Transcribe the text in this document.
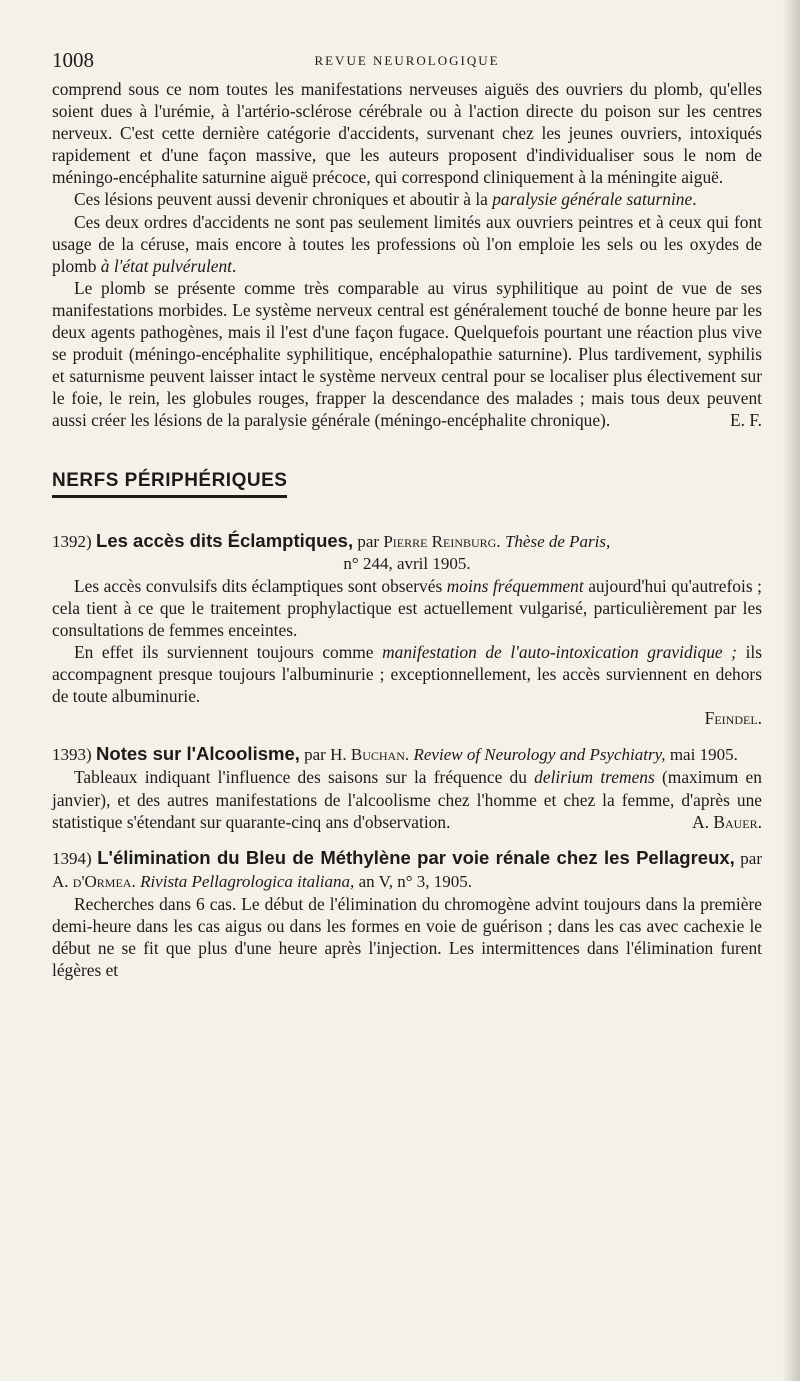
1008	REVUE NEUROLOGIQUE

comprend sous ce nom toutes les manifestations nerveuses aiguës des ouvriers du plomb, qu'elles soient dues à l'urémie, à l'artério-sclérose cérébrale ou à l'action directe du poison sur les centres nerveux. C'est cette dernière catégorie d'accidents, survenant chez les jeunes ouvriers, intoxiqués rapidement et d'une façon massive, que les auteurs proposent d'individualiser sous le nom de méningo-encéphalite saturnine aiguë précoce, qui correspond cliniquement à la méningite aiguë.

Ces lésions peuvent aussi devenir chroniques et aboutir à la paralysie générale saturnine.

Ces deux ordres d'accidents ne sont pas seulement limités aux ouvriers peintres et à ceux qui font usage de la céruse, mais encore à toutes les professions où l'on emploie les sels ou les oxydes de plomb à l'état pulvérulent.

Le plomb se présente comme très comparable au virus syphilitique au point de vue de ses manifestations morbides. Le système nerveux central est généralement touché de bonne heure par les deux agents pathogènes, mais il l'est d'une façon fugace. Quelquefois pourtant une réaction plus vive se produit (méningo-encéphalite syphilitique, encéphalopathie saturnine). Plus tardivement, syphilis et saturnisme peuvent laisser intact le système nerveux central pour se localiser plus électivement sur le foie, le rein, les globules rouges, frapper la descendance des malades ; mais tous deux peuvent aussi créer les lésions de la paralysie générale (méningo-encéphalite chronique).	E. F.

NERFS PÉRIPHÉRIQUES

1392) Les accès dits Éclamptiques, par Pierre Reinburg. Thèse de Paris,

n° 244, avril 1905.

Les accès convulsifs dits éclamptiques sont observés moins fréquemment aujourd'hui qu'autrefois ; cela tient à ce que le traitement prophylactique est actuellement vulgarisé, particulièrement par les consultations de femmes enceintes.

En effet ils surviennent toujours comme manifestation de l'auto-intoxication gravidique ; ils accompagnent presque toujours l'albuminurie ; exceptionnellement, les accès surviennent en dehors de toute albuminurie.

Feindel.

1393) Notes sur l'Alcoolisme, par H. Buchan. Review of Neurology and Psychiatry, mai 1905.

Tableaux indiquant l'influence des saisons sur la fréquence du delirium tremens (maximum en janvier), et des autres manifestations de l'alcoolisme chez l'homme et chez la femme, d'après une statistique s'étendant sur quarante-cinq ans d'observation.	A. Bauer.

1394) L'élimination du Bleu de Méthylène par voie rénale chez les Pellagreux, par A. d'Ormea. Rivista Pellagrologica italiana, an V, n° 3, 1905.

Recherches dans 6 cas. Le début de l'élimination du chromogène advint toujours dans la première demi-heure dans les cas aigus ou dans les formes en voie de guérison ; dans les cas avec cachexie le début ne se fit que plus d'une heure après l'injection. Les intermittences dans l'élimination furent légères et
